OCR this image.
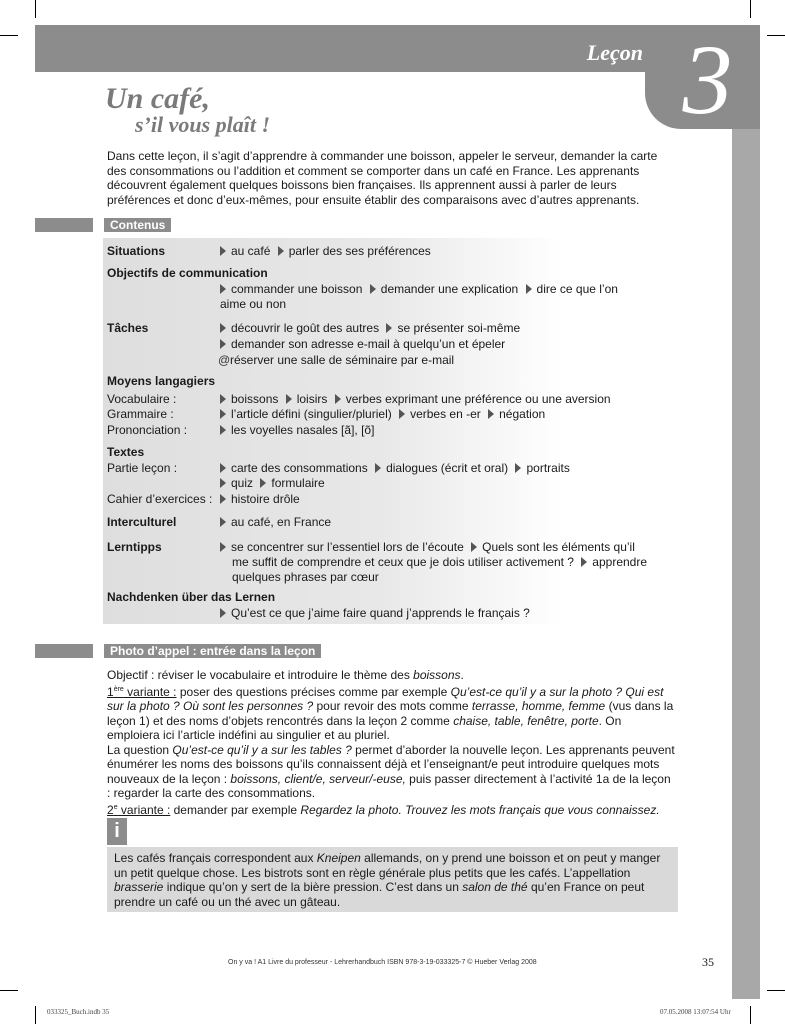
Leçon 3
Un café,
s’il vous plaît !
Dans cette leçon, il s’agit d’apprendre à commander une boisson, appeler le serveur, demander la carte des consommations ou l’addition et comment se comporter dans un café en France. Les apprenants découvrent également quelques boissons bien françaises. Ils apprennent aussi à parler de leurs préférences et donc d’eux-mêmes, pour ensuite établir des comparaisons avec d’autres apprenants.
Contenus
Situations	au café parler des ses préférences
Objectifs de communication
commander une boisson demander une explication dire ce que l’on aime ou non
Tâches	découvrir le goût des autres se présenter soi-même
demander son adresse e-mail à quelqu’un et épeler
@réserver une salle de séminaire par e-mail
Moyens langagiers
Vocabulaire :	boissons loisirs verbes exprimant une préférence ou une aversion
Grammaire :	l’article défini (singulier/pluriel) verbes en -er négation
Prononciation :	les voyelles nasales [ã], [õ]
Textes
Partie leçon :	carte des consommations dialogues (écrit et oral) portraits
quiz formulaire
Cahier d’exercices :	histoire drôle
Interculturel	au café, en France
Lerntipps	se concentrer sur l’essentiel lors de l’écoute Quels sont les éléments qu’il me suffit de comprendre et ceux que je dois utiliser activement ? apprendre quelques phrases par cœur
Nachdenken über das Lernen
Qu’est ce que j’aime faire quand j’apprends le français ?
Photo d’appel : entrée dans la leçon
Objectif : réviser le vocabulaire et introduire le thème des boissons.
1ère variante : poser des questions précises comme par exemple Qu’est-ce qu’il y a sur la photo ? Qui est sur la photo ? Où sont les personnes ? pour revoir des mots comme terrasse, homme, femme (vus dans la leçon 1) et des noms d’objets rencontrés dans la leçon 2 comme chaise, table, fenêtre, porte. On emploiera ici l’article indéfini au singulier et au pluriel.
La question Qu’est-ce qu’il y a sur les tables ? permet d’aborder la nouvelle leçon. Les apprenants peuvent énumérer les noms des boissons qu’ils connaissent déjà et l’enseignant/e peut introduire quelques mots nouveaux de la leçon : boissons, client/e, serveur/-euse, puis passer directement à l’activité 1a de la leçon : regarder la carte des consommations.
2e variante : demander par exemple Regardez la photo. Trouvez les mots français que vous connaissez.
i
Les cafés français correspondent aux Kneipen allemands, on y prend une boisson et on peut y manger un petit quelque chose. Les bistrots sont en règle générale plus petits que les cafés. L’appellation brasserie indique qu’on y sert de la bière pression. C’est dans un salon de thé qu’en France on peut prendre un café ou un thé avec un gâteau.
On y va ! A1 Livre du professeur - Lehrerhandbuch ISBN 978-3-19-033325-7 © Hueber Verlag 2008	35
033325_Buch.indb 35	07.05.2008 13:07:54 Uhr
